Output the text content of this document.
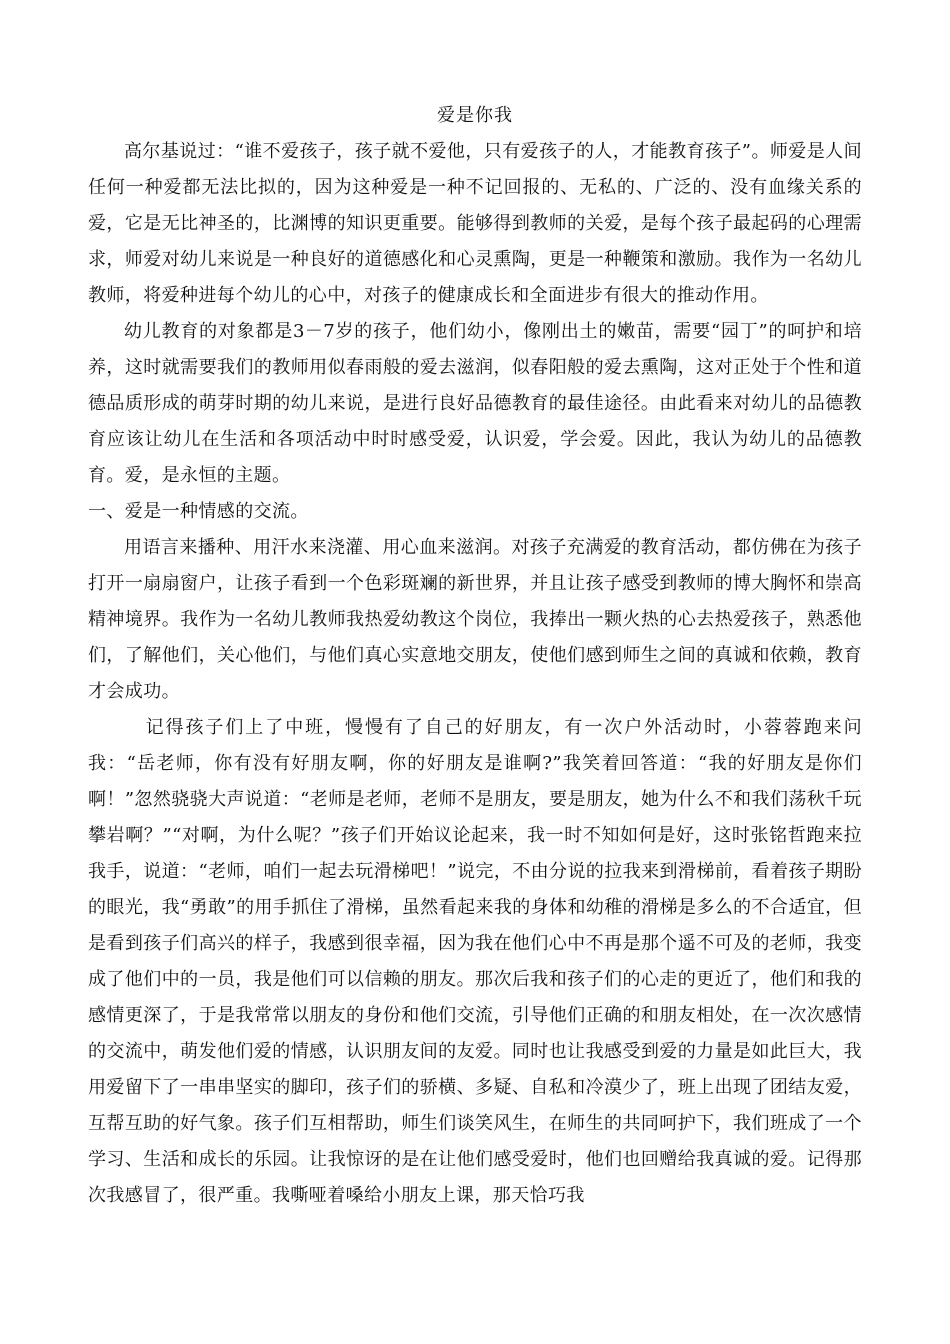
爱是你我

高尔基说过：“谁不爱孩子，孩子就不爱他，只有爱孩子的人，才能教育孩子”。师爱是人间任何一种爱都无法比拟的，因为这种爱是一种不记回报的、无私的、广泛的、没有血缘关系的爱，它是无比神圣的，比渊博的知识更重要。能够得到教师的关爱，是每个孩子最起码的心理需求，师爱对幼儿来说是一种良好的道德感化和心灵熏陶，更是一种鞭策和激励。我作为一名幼儿教师，将爱种进每个幼儿的心中，对孩子的健康成长和全面进步有很大的推动作用。

幼儿教育的对象都是3－7岁的孩子，他们幼小，像刚出土的嫩苗，需要“园丁”的呵护和培养，这时就需要我们的教师用似春雨般的爱去滋润，似春阳般的爱去熏陶，这对正处于个性和道德品质形成的萌芽时期的幼儿来说，是进行良好品德教育的最佳途径。由此看来对幼儿的品德教育应该让幼儿在生活和各项活动中时时感受爱，认识爱，学会爱。因此，我认为幼儿的品德教育。爱，是永恒的主题。

一、爱是一种情感的交流。

用语言来播种、用汗水来浇灌、用心血来滋润。对孩子充满爱的教育活动，都仿佛在为孩子打开一扇扇窗户，让孩子看到一个色彩斑斓的新世界，并且让孩子感受到教师的博大胸怀和崇高精神境界。我作为一名幼儿教师我热爱幼教这个岗位，我捧出一颗火热的心去热爱孩子，熟悉他们，了解他们，关心他们，与他们真心实意地交朋友，使他们感到师生之间的真诚和依赖，教育才会成功。

记得孩子们上了中班，慢慢有了自己的好朋友，有一次户外活动时，小蓉蓉跑来问我：“岳老师，你有没有好朋友啊，你的好朋友是谁啊?”我笑着回答道：“我的好朋友是你们啊！”忽然骁骁大声说道：“老师是老师，老师不是朋友，要是朋友，她为什么不和我们荡秋千玩攀岩啊？”“对啊，为什么呢？”孩子们开始议论起来，我一时不知如何是好，这时张铭哲跑来拉我手，说道：“老师，咱们一起去玩滑梯吧！”说完，不由分说的拉我来到滑梯前，看着孩子期盼的眼光，我“勇敢”的用手抓住了滑梯，虽然看起来我的身体和幼稚的滑梯是多么的不合适宜，但是看到孩子们高兴的样子，我感到很幸福，因为我在他们心中不再是那个遥不可及的老师，我变成了他们中的一员，我是他们可以信赖的朋友。那次后我和孩子们的心走的更近了，他们和我的感情更深了，于是我常常以朋友的身份和他们交流，引导他们正确的和朋友相处，在一次次感情的交流中，萌发他们爱的情感，认识朋友间的友爱。同时也让我感受到爱的力量是如此巨大，我用爱留下了一串串坚实的脚印，孩子们的骄横、多疑、自私和冷漠少了，班上出现了团结友爱，互帮互助的好气象。孩子们互相帮助，师生们谈笑风生，在师生的共同呵护下，我们班成了一个学习、生活和成长的乐园。让我惊讶的是在让他们感受爱时，他们也回赠给我真诚的爱。记得那次我感冒了，很严重。我嘶哑着嗓给小朋友上课，那天恰巧我
